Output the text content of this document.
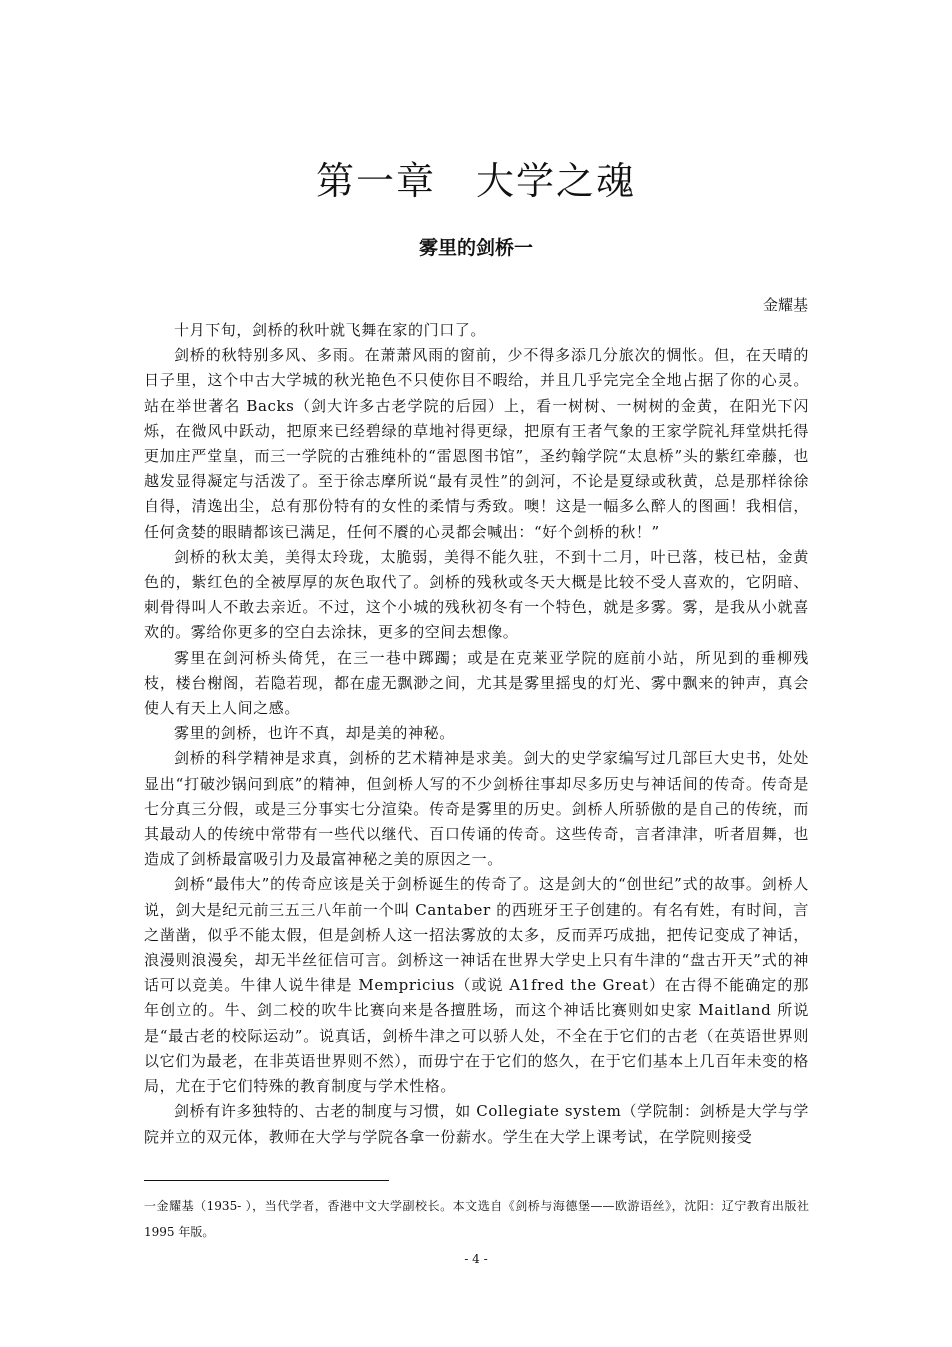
第一章　大学之魂
雾里的剑桥一

金耀基

十月下旬，剑桥的秋叶就飞舞在家的门口了。

剑桥的秋特别多风、多雨。在萧萧风雨的窗前，少不得多添几分旅次的惆怅。但，在天晴的日子里，这个中古大学城的秋光艳色不只使你目不暇给，并且几乎完完全全地占据了你的心灵。站在举世著名 Backs（剑大许多古老学院的后园）上，看一树树、一树树的金黄，在阳光下闪烁，在微风中跃动，把原来已经碧绿的草地衬得更绿，把原有王者气象的王家学院礼拜堂烘托得更加庄严堂皇，而三一学院的古雅纯朴的“雷恩图书馆”，圣约翰学院“太息桥”头的紫红牵藤，也越发显得凝定与活泼了。至于徐志摩所说“最有灵性”的剑河，不论是夏绿或秋黄，总是那样徐徐自得，清逸出尘，总有那份特有的女性的柔情与秀致。噢！这是一幅多么醉人的图画！我相信，任何贪婪的眼睛都该已满足，任何不餍的心灵都会喊出：“好个剑桥的秋！”

剑桥的秋太美，美得太玲珑，太脆弱，美得不能久驻，不到十二月，叶已落，枝已枯，金黄色的，紫红色的全被厚厚的灰色取代了。剑桥的残秋或冬天大概是比较不受人喜欢的，它阴暗、刺骨得叫人不敢去亲近。不过，这个小城的残秋初冬有一个特色，就是多雾。雾，是我从小就喜欢的。雾给你更多的空白去涂抹，更多的空间去想像。

雾里在剑河桥头倚凭，在三一巷中踯躅；或是在克莱亚学院的庭前小站，所见到的垂柳残枝，楼台榭阁，若隐若现，都在虚无飘渺之间，尤其是雾里摇曳的灯光、雾中飘来的钟声，真会使人有天上人间之感。

雾里的剑桥，也许不真，却是美的神秘。

剑桥的科学精神是求真，剑桥的艺术精神是求美。剑大的史学家编写过几部巨大史书，处处显出“打破沙锅问到底”的精神，但剑桥人写的不少剑桥往事却尽多历史与神话间的传奇。传奇是七分真三分假，或是三分事实七分渲染。传奇是雾里的历史。剑桥人所骄傲的是自己的传统，而其最动人的传统中常带有一些代以继代、百口传诵的传奇。这些传奇，言者津津，听者眉舞，也造成了剑桥最富吸引力及最富神秘之美的原因之一。

剑桥“最伟大”的传奇应该是关于剑桥诞生的传奇了。这是剑大的“创世纪”式的故事。剑桥人说，剑大是纪元前三五三八年前一个叫 Cantaber 的西班牙王子创建的。有名有姓，有时间，言之凿凿，似乎不能太假，但是剑桥人这一招法雾放的太多，反而弄巧成拙，把传记变成了神话，浪漫则浪漫矣，却无半丝征信可言。剑桥这一神话在世界大学史上只有牛津的“盘古开天”式的神话可以竞美。牛律人说牛律是 Mempricius（或说 A1fred the Great）在古得不能确定的那年创立的。牛、剑二校的吹牛比赛向来是各擅胜场，而这个神话比赛则如史家 Maitland 所说是“最古老的校际运动”。说真话，剑桥牛津之可以骄人处，不全在于它们的古老（在英语世界则以它们为最老，在非英语世界则不然），而毋宁在于它们的悠久，在于它们基本上几百年未变的格局，尤在于它们特殊的教育制度与学术性格。

剑桥有许多独特的、古老的制度与习惯，如 Collegiate system（学院制：剑桥是大学与学院并立的双元体，教师在大学与学院各拿一份薪水。学生在大学上课考试，在学院则接受

一金耀基（1935- ），当代学者，香港中文大学副校长。本文选自《剑桥与海德堡——欧游语丝》，沈阳：辽宁教育出版社 1995 年版。

- 4 -
